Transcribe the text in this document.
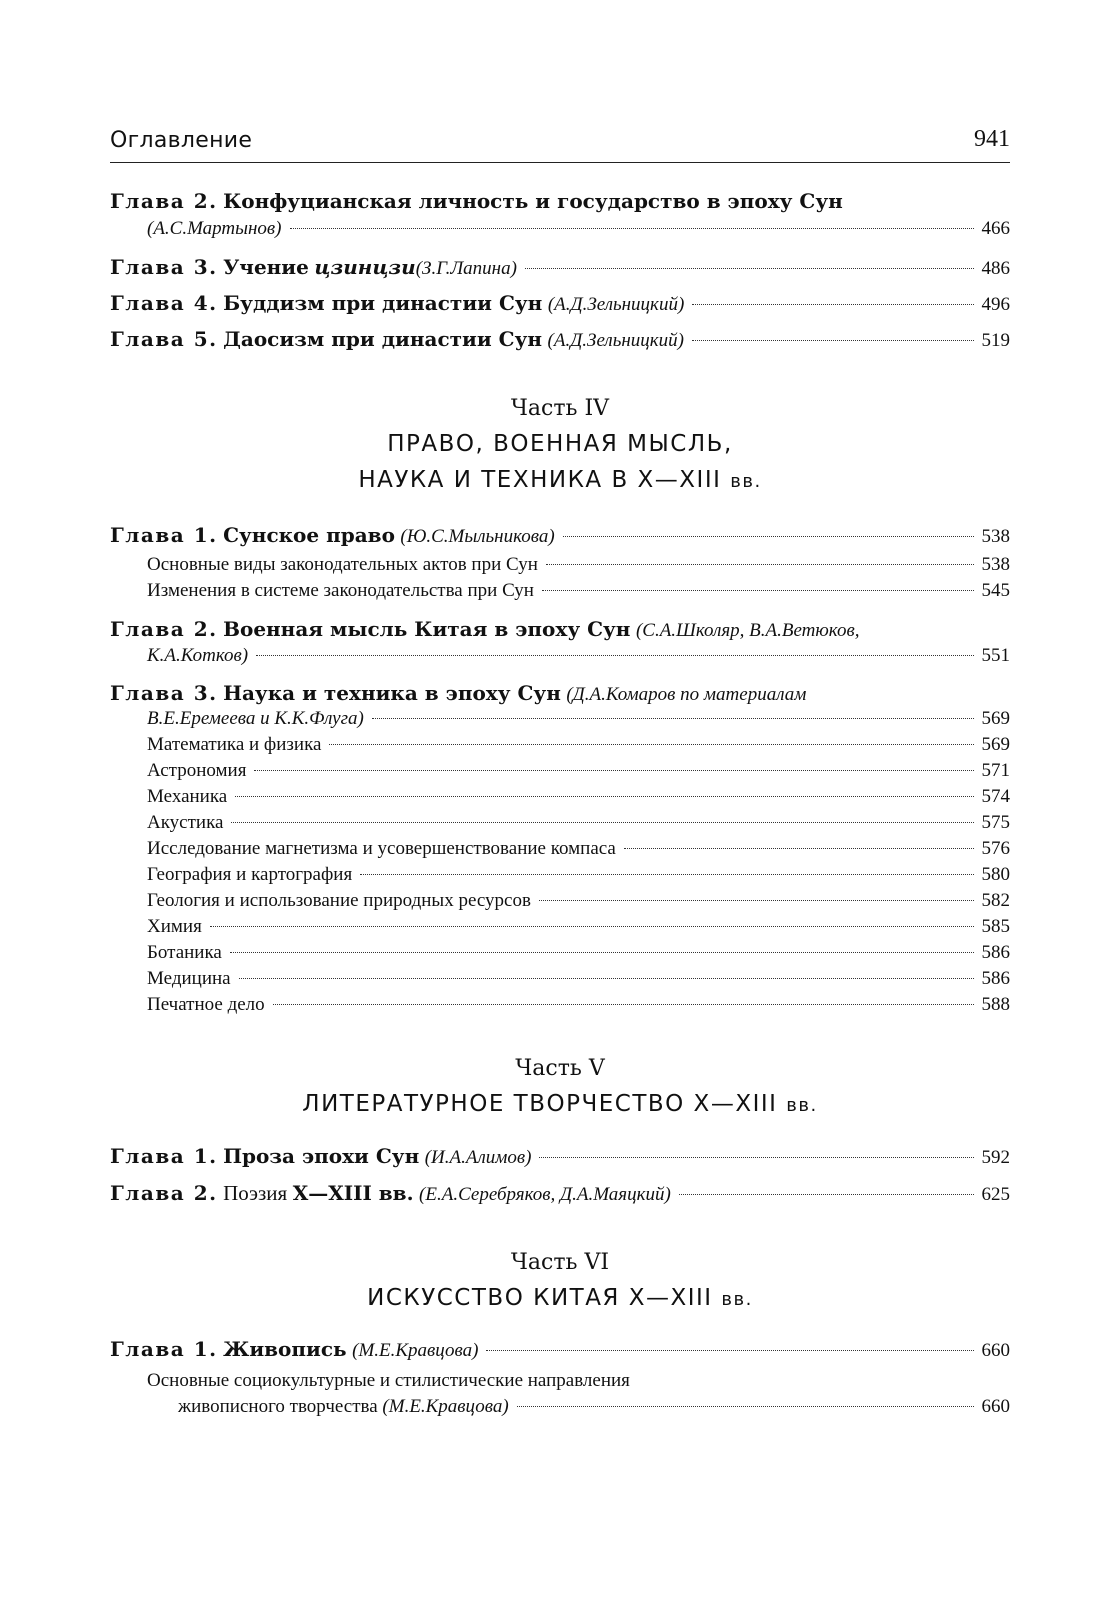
Оглавление	941
Глава 2. Конфуцианская личность и государство в эпоху Сун
(А.С.Мартынов)	466
Глава 3. Учение цзинцзи(З.Г.Лапина)	486
Глава 4. Буддизм при династии Сун (А.Д.Зельницкий)	496
Глава 5. Даосизм при династии Сун (А.Д.Зельницкий)	519
Часть IV
ПРАВО, ВОЕННАЯ МЫСЛЬ,
НАУКА И ТЕХНИКА В X—XIII вв.
Глава 1. Сунское право (Ю.С.Мыльникова)	538
Основные виды законодательных актов при Сун	538
Изменения в системе законодательства при Сун	545
Глава 2. Военная мысль Китая в эпоху Сун (С.А.Школяр, В.А.Ветюков,
К.А.Котков)	551
Глава 3. Наука и техника в эпоху Сун (Д.А.Комаров по материалам
В.Е.Еремеева и К.К.Флуга)	569
Математика и физика	569
Астрономия	571
Механика	574
Акустика	575
Исследование магнетизма и усовершенствование компаса	576
География и картография	580
Геология и использование природных ресурсов	582
Химия	585
Ботаника	586
Медицина	586
Печатное дело	588
Часть V
ЛИТЕРАТУРНОЕ ТВОРЧЕСТВО X—XIII вв.
Глава 1. Проза эпохи Сун (И.А.Алимов)	592
Глава 2. Поэзия X—XIII вв. (Е.А.Серебряков, Д.А.Маяцкий)	625
Часть VI
ИСКУССТВО КИТАЯ X—XIII вв.
Глава 1. Живопись (М.Е.Кравцова)	660
Основные социокультурные и стилистические направления
живописного творчества (М.Е.Кравцова)	660
